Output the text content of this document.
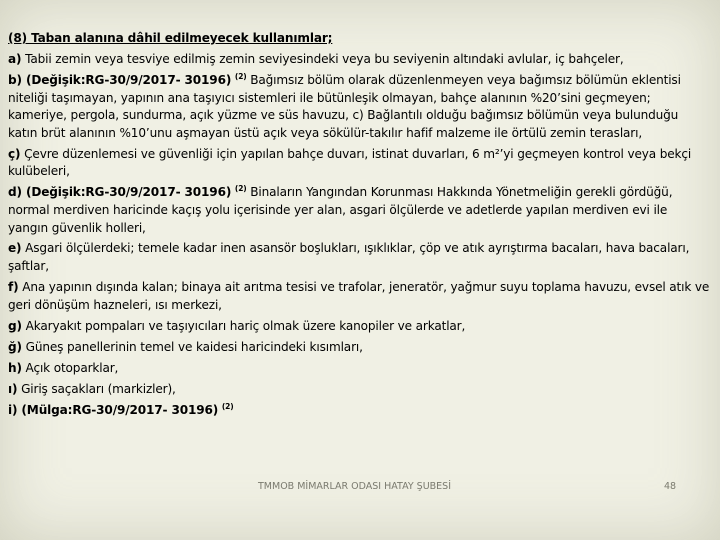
(8) Taban alanına dâhil edilmeyecek kullanımlar;

a) Tabii zemin veya tesviye edilmiş zemin seviyesindeki veya bu seviyenin altındaki avlular, iç bahçeler,

b) (Değişik:RG-30/9/2017- 30196) $^{(2)}$ Bağımsız bölüm olarak düzenlenmeyen veya bağımsız bölümün eklentisi niteliği taşımayan, yapının ana taşıyıcı sistemleri ile bütünleşik olmayan, bahçe alanının %20’sini geçmeyen; kameriye, pergola, sundurma, açık yüzme ve süs havuzu, c) Bağlantılı olduğu bağımsız bölümün veya bulunduğu katın brüt alanının %10’unu aşmayan üstü açık veya sökülür-takılır hafif malzeme ile örtülü zemin terasları,

ç) Çevre düzenlemesi ve güvenliği için yapılan bahçe duvarı, istinat duvarları, 6 m²’yi geçmeyen kontrol veya bekçi kulübeleri,

d) (Değişik:RG-30/9/2017- 30196) $^{(2)}$ Binaların Yangından Korunması Hakkında Yönetmeliğin gerekli gördüğü, normal merdiven haricinde kaçış yolu içerisinde yer alan, asgari ölçülerde ve adetlerde yapılan merdiven evi ile yangın güvenlik holleri,

e) Asgari ölçülerdeki; temele kadar inen asansör boşlukları, ışıklıklar, çöp ve atık ayrıştırma bacaları, hava bacaları, şaftlar,

f) Ana yapının dışında kalan; binaya ait arıtma tesisi ve trafolar, jeneratör, yağmur suyu toplama havuzu, evsel atık ve geri dönüşüm hazneleri, ısı merkezi,

g) Akaryakıt pompaları ve taşıyıcıları hariç olmak üzere kanopiler ve arkatlar,

ğ) Güneş panellerinin temel ve kaidesi haricindeki kısımları,

h) Açık otoparklar,

ı) Giriş saçakları (markizler),

i) (Mülga:RG-30/9/2017- 30196) $^{(2)}$

TMMOB MİMARLAR ODASI HATAY ŞUBESİ	48
